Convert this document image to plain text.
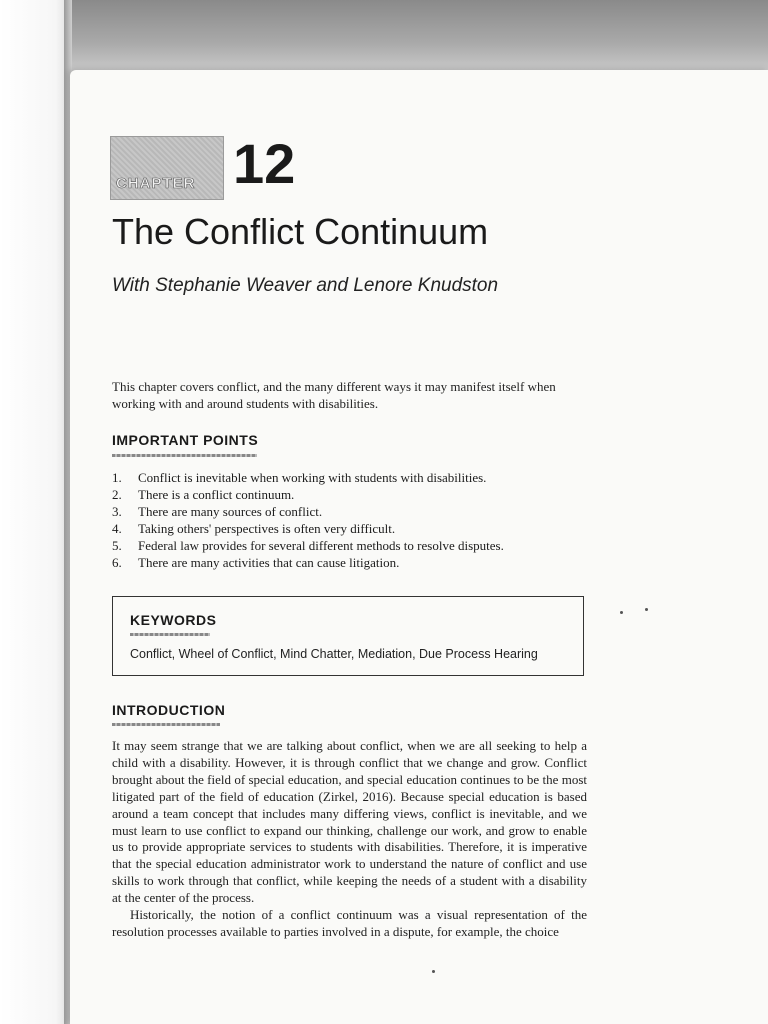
CHAPTER 12
The Conflict Continuum
With Stephanie Weaver and Lenore Knudston
This chapter covers conflict, and the many different ways it may manifest itself when working with and around students with disabilities.
IMPORTANT POINTS
1.	Conflict is inevitable when working with students with disabilities.
2.	There is a conflict continuum.
3.	There are many sources of conflict.
4.	Taking others' perspectives is often very difficult.
5.	Federal law provides for several different methods to resolve disputes.
6.	There are many activities that can cause litigation.
KEYWORDS
Conflict, Wheel of Conflict, Mind Chatter, Mediation, Due Process Hearing
INTRODUCTION

It may seem strange that we are talking about conflict, when we are all seeking to help a child with a disability. However, it is through conflict that we change and grow. Conflict brought about the field of special education, and special education continues to be the most litigated part of the field of education (Zirkel, 2016). Because special education is based around a team concept that includes many differing views, conflict is inevitable, and we must learn to use conflict to expand our thinking, challenge our work, and grow to enable us to provide appropriate services to students with disabilities. Therefore, it is imperative that the special education administrator work to understand the nature of conflict and use skills to work through that conflict, while keeping the needs of a student with a disability at the center of the process.

Historically, the notion of a conflict continuum was a visual representation of the resolution processes available to parties involved in a dispute, for example, the choice
